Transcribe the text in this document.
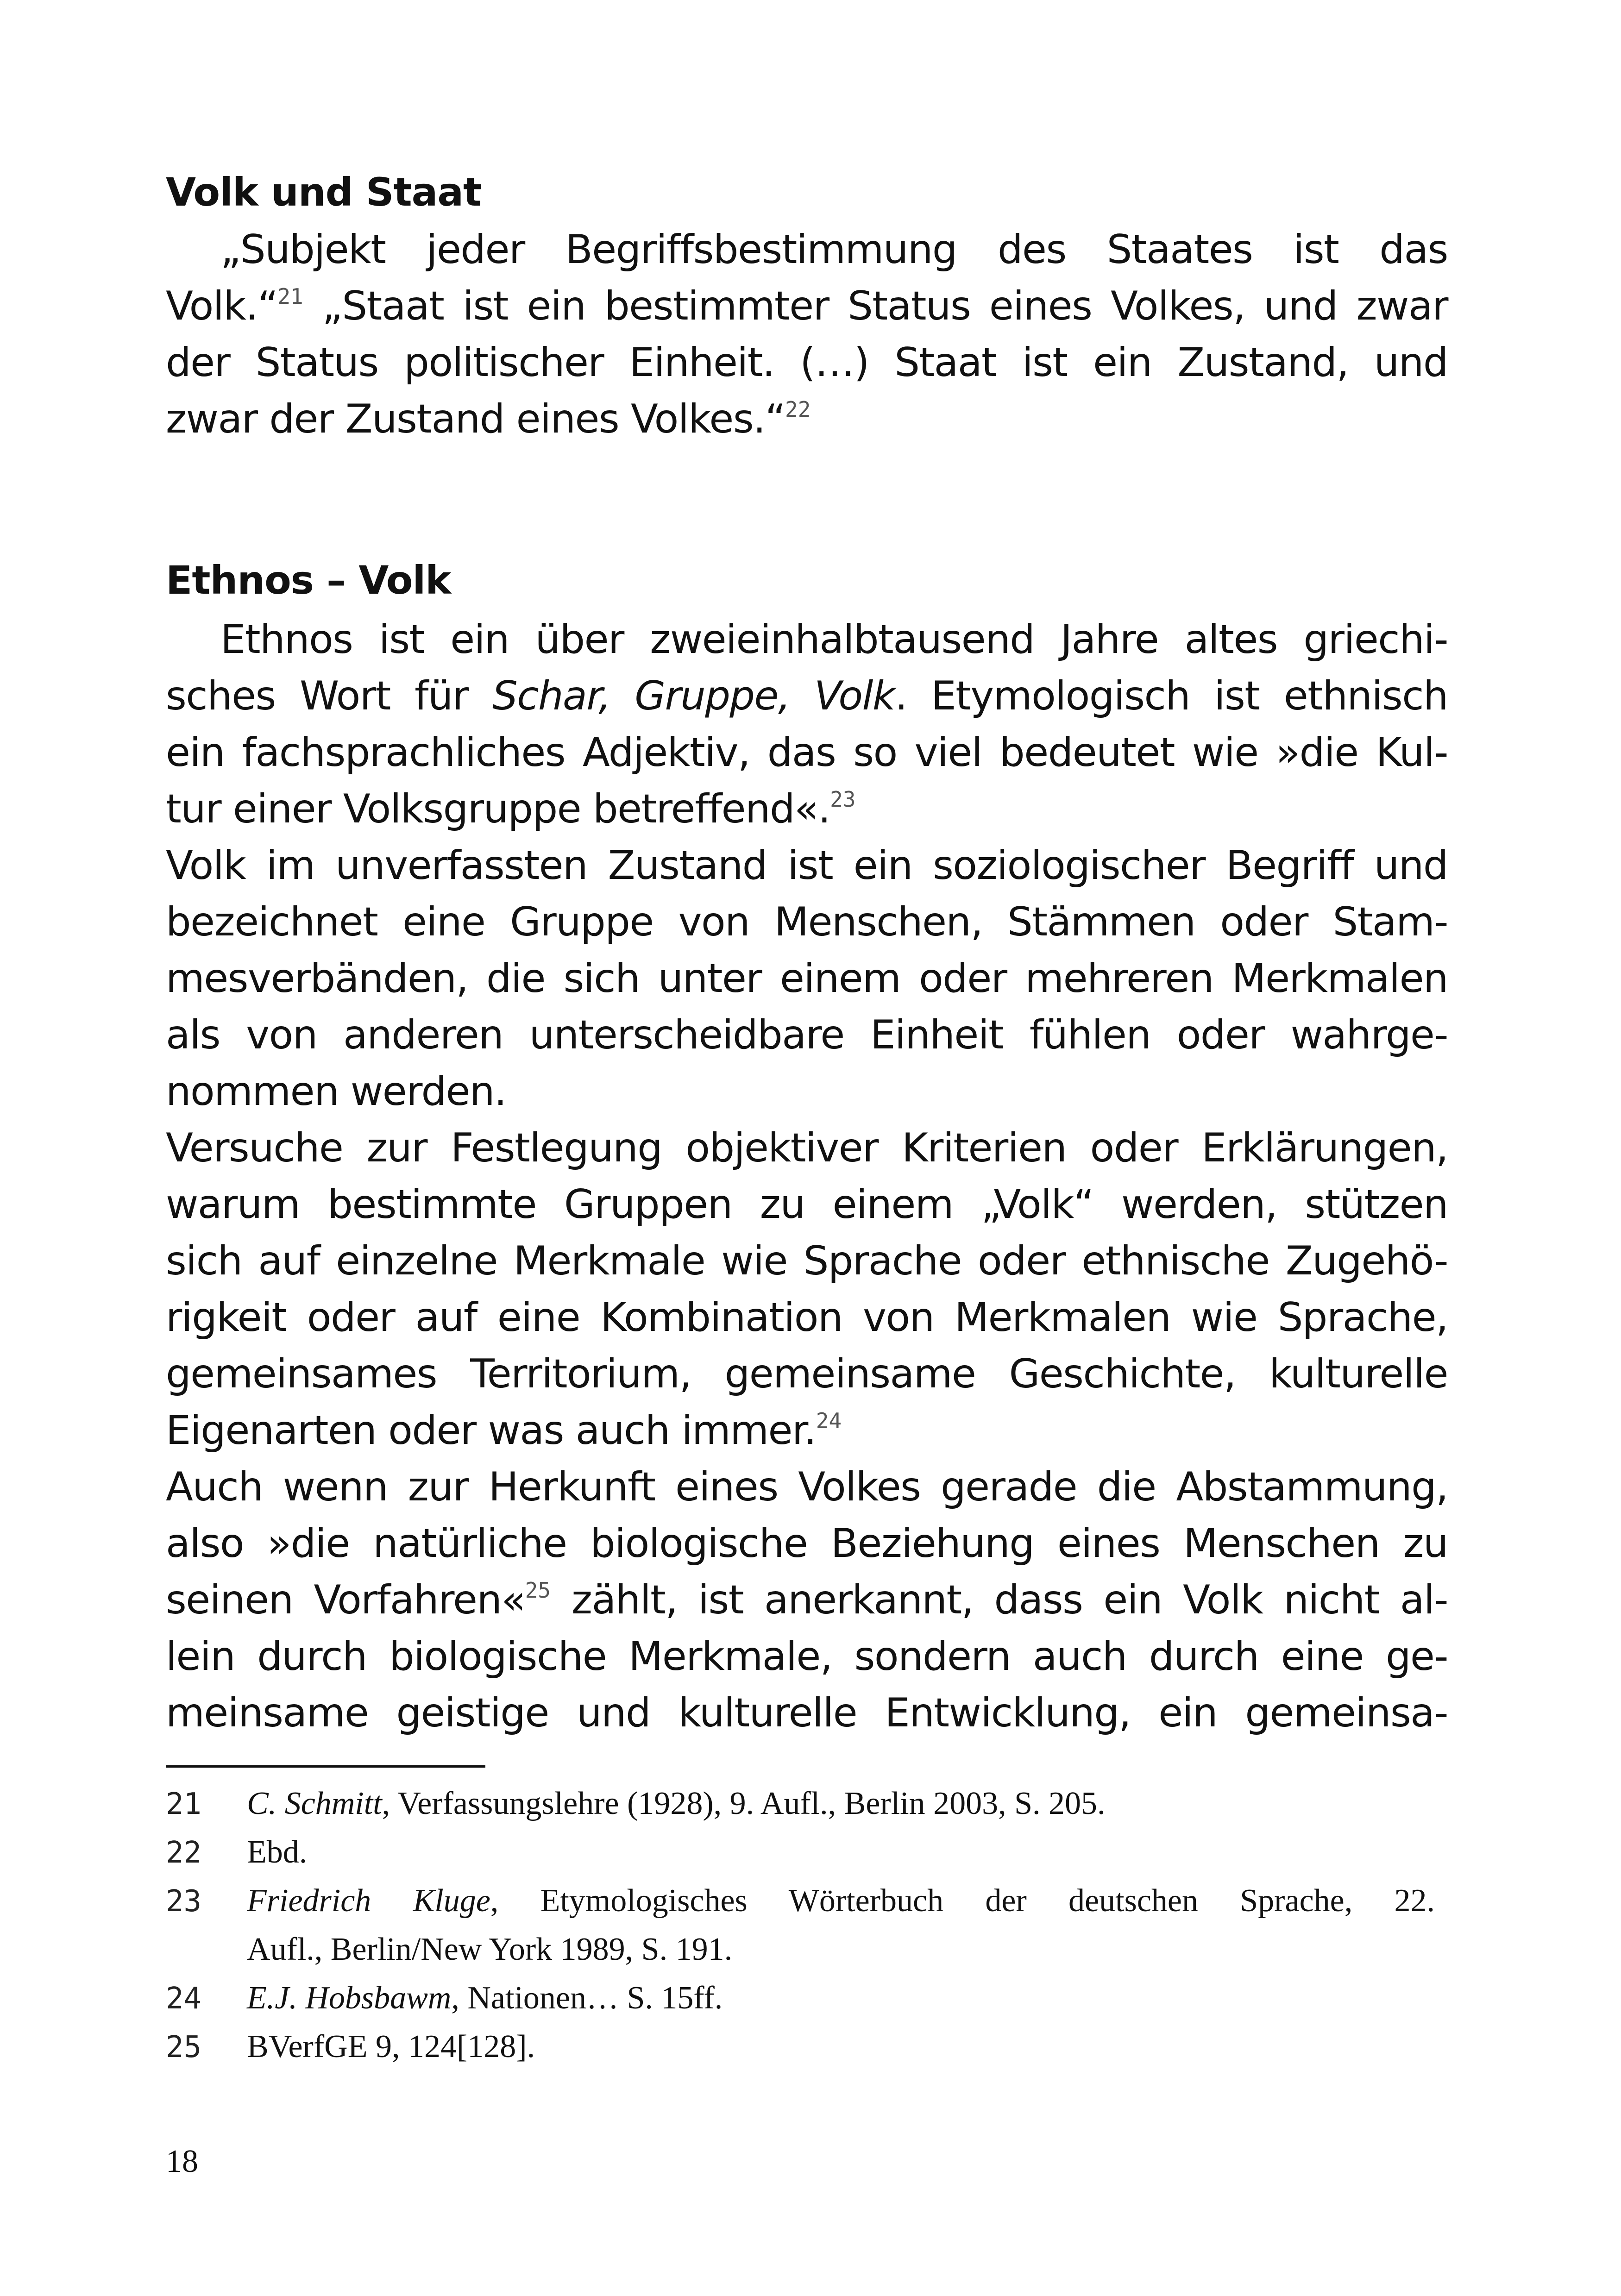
Volk und Staat
„Subjekt jeder Begriffsbestimmung des Staates ist das
Volk.“$^{21}$ „Staat ist ein bestimmter Status eines Volkes, und zwar
der Status politischer Einheit. (…) Staat ist ein Zustand, und
zwar der Zustand eines Volkes.“$^{22}$
Ethnos – Volk
Ethnos ist ein über zweieinhalbtausend Jahre altes griechi-
sches Wort für Schar, Gruppe, Volk. Etymologisch ist ethnisch
ein fachsprachliches Adjektiv, das so viel bedeutet wie »die Kul-
tur einer Volksgruppe betreffend«.$^{23}$
Volk im unverfassten Zustand ist ein soziologischer Begriff und
bezeichnet eine Gruppe von Menschen, Stämmen oder Stam-
mesverbänden, die sich unter einem oder mehreren Merkmalen
als von anderen unterscheidbare Einheit fühlen oder wahrge-
nommen werden.
Versuche zur Festlegung objektiver Kriterien oder Erklärungen,
warum bestimmte Gruppen zu einem „Volk“ werden, stützen
sich auf einzelne Merkmale wie Sprache oder ethnische Zugehö-
rigkeit oder auf eine Kombination von Merkmalen wie Sprache,
gemeinsames Territorium, gemeinsame Geschichte, kulturelle
Eigenarten oder was auch immer.$^{24}$
Auch wenn zur Herkunft eines Volkes gerade die Abstammung,
also »die natürliche biologische Beziehung eines Menschen zu
seinen Vorfahren«$^{25}$ zählt, ist anerkannt, dass ein Volk nicht al-
lein durch biologische Merkmale, sondern auch durch eine ge-
meinsame geistige und kulturelle Entwicklung, ein gemeinsa-
21	C. Schmitt, Verfassungslehre (1928), 9. Aufl., Berlin 2003, S. 205.
22	Ebd.
23	Friedrich Kluge, Etymologisches Wörterbuch der deutschen Sprache, 22.
Aufl., Berlin/New York 1989, S. 191.
24	E.J. Hobsbawm, Nationen… S. 15ff.
25	BVerfGE 9, 124[128].
18
